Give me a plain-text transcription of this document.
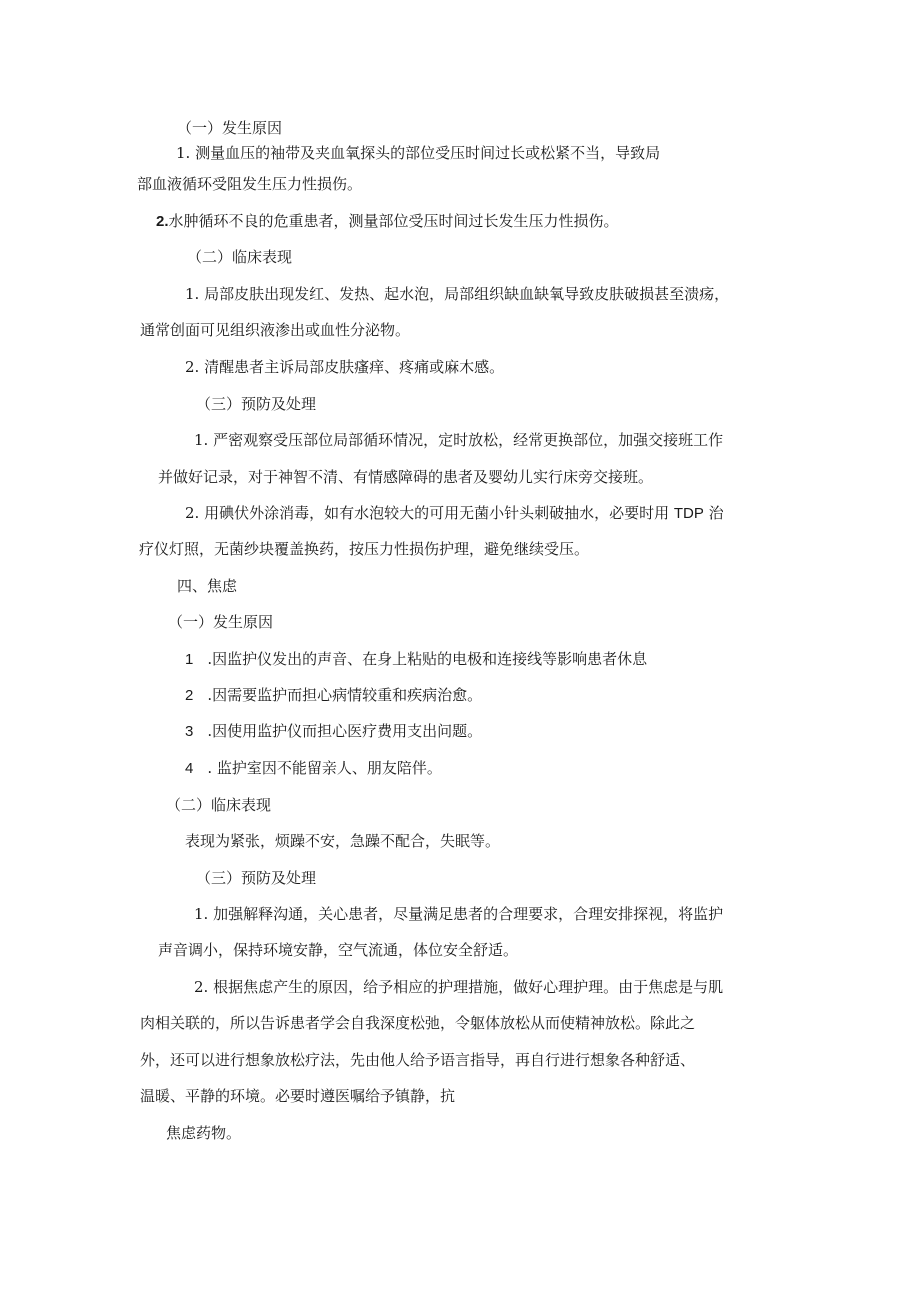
（一）发生原因
1. 测量血压的袖带及夹血氧探头的部位受压时间过长或松紧不当，导致局
部血液循环受阻发生压力性损伤。
2.水肿循环不良的危重患者，测量部位受压时间过长发生压力性损伤。
（二）临床表现
1. 局部皮肤出现发红、发热、起水泡，局部组织缺血缺氧导致皮肤破损甚至溃疡，
通常创面可见组织液渗出或血性分泌物。
2. 清醒患者主诉局部皮肤瘙痒、疼痛或麻木感。
（三）预防及处理
1. 严密观察受压部位局部循环情况，定时放松，经常更换部位，加强交接班工作
并做好记录，对于神智不清、有情感障碍的患者及婴幼儿实行床旁交接班。
2. 用碘伏外涂消毒，如有水泡较大的可用无菌小针头刺破抽水，必要时用 TDP 治
疗仪灯照，无菌纱块覆盖换药，按压力性损伤护理，避免继续受压。
四、焦虑
（一）发生原因
1 .因监护仪发出的声音、在身上粘贴的电极和连接线等影响患者休息
2 .因需要监护而担心病情较重和疾病治愈。
3 .因使用监护仪而担心医疗费用支出问题。
4 . 监护室因不能留亲人、朋友陪伴。
（二）临床表现
表现为紧张，烦躁不安，急躁不配合，失眠等。
（三）预防及处理
1. 加强解释沟通，关心患者，尽量满足患者的合理要求，合理安排探视，将监护
声音调小，保持环境安静，空气流通，体位安全舒适。
2. 根据焦虑产生的原因，给予相应的护理措施，做好心理护理。由于焦虑是与肌
肉相关联的，所以告诉患者学会自我深度松弛，令躯体放松从而使精神放松。除此之
外，还可以进行想象放松疗法，先由他人给予语言指导，再自行进行想象各种舒适、
温暖、平静的环境。必要时遵医嘱给予镇静，抗
焦虑药物。
